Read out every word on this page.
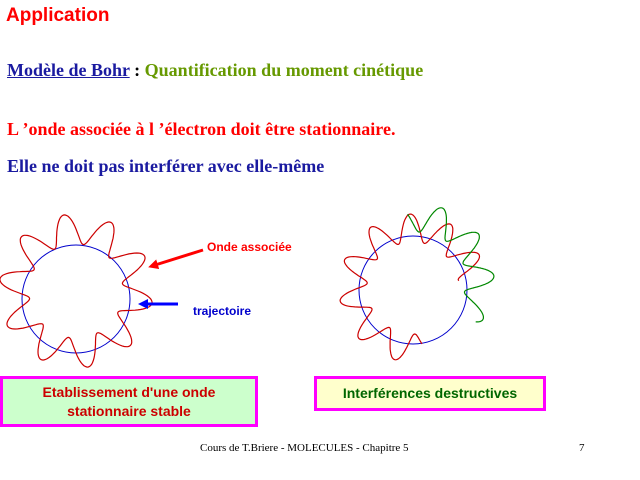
Application
Modèle de Bohr : Quantification du moment cinétique
L ’onde associée à l ’électron doit être stationnaire.
Elle ne doit pas interférer avec elle-même
Onde associée
trajectoire
Etablissement d'une onde
stationnaire stable
Interférences destructives
Cours de T.Briere - MOLECULES - Chapitre 5	7
